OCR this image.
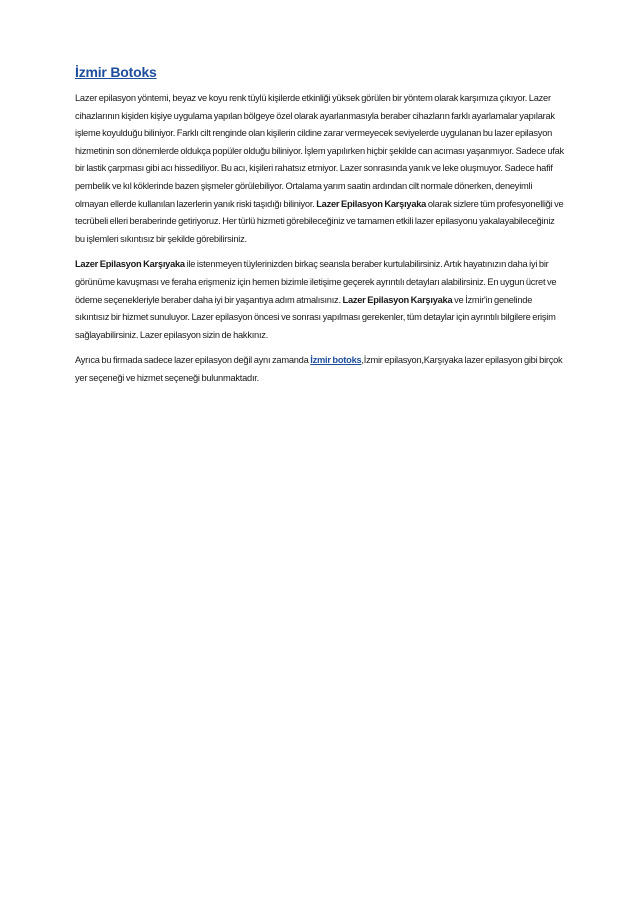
İzmir Botoks

Lazer epilasyon yöntemi, beyaz ve koyu renk tüylü kişilerde etkinliği yüksek görülen bir yöntem olarak karşımıza çıkıyor. Lazer cihazlarının kişiden kişiye uygulama yapılan bölgeye özel olarak ayarlanmasıyla beraber cihazların farklı ayarlamalar yapılarak işleme koyulduğu biliniyor. Farklı cilt renginde olan kişilerin cildine zarar vermeyecek seviyelerde uygulanan bu lazer epilasyon hizmetinin son dönemlerde oldukça popüler olduğu biliniyor. İşlem yapılırken hiçbir şekilde can acıması yaşanmıyor. Sadece ufak bir lastik çarpması gibi acı hissediliyor. Bu acı, kişileri rahatsız etmiyor. Lazer sonrasında yanık ve leke oluşmuyor. Sadece hafif pembelik ve kıl köklerinde bazen şişmeler görülebiliyor. Ortalama yarım saatin ardından cilt normale dönerken, deneyimli olmayan ellerde kullanılan lazerlerin yanık riski taşıdığı biliniyor. Lazer Epilasyon Karşıyaka olarak sizlere tüm profesyonelliği ve tecrübeli elleri beraberinde getiriyoruz. Her türlü hizmeti görebileceğiniz ve tamamen etkili lazer epilasyonu yakalayabileceğiniz bu işlemleri sıkıntısız bir şekilde görebilirsiniz.

Lazer Epilasyon Karşıyaka ile istenmeyen tüylerinizden birkaç seansla beraber kurtulabilirsiniz. Artık hayatınızın daha iyi bir görünüme kavuşması ve ferahа erişmeniz için hemen bizimle iletişime geçerek ayrıntılı detayları alabilirsiniz. En uygun ücret ve ödeme seçenekleriyle beraber daha iyi bir yaşantıya adım atmalısınız. Lazer Epilasyon Karşıyaka ve İzmir'in genelinde sıkıntısız bir hizmet sunuluyor. Lazer epilasyon öncesi ve sonrası yapılması gerekenler, tüm detaylar için ayrıntılı bilgilere erişim sağlayabilirsiniz. Lazer epilasyon sizin de hakkınız.

Ayrıca bu firmada sadece lazer epilasyon değil aynı zamanda İzmir botoks,İzmir epilasyon,Karşıyaka lazer epilasyon gibi birçok yer seçeneği ve hizmet seçeneği bulunmaktadır.
